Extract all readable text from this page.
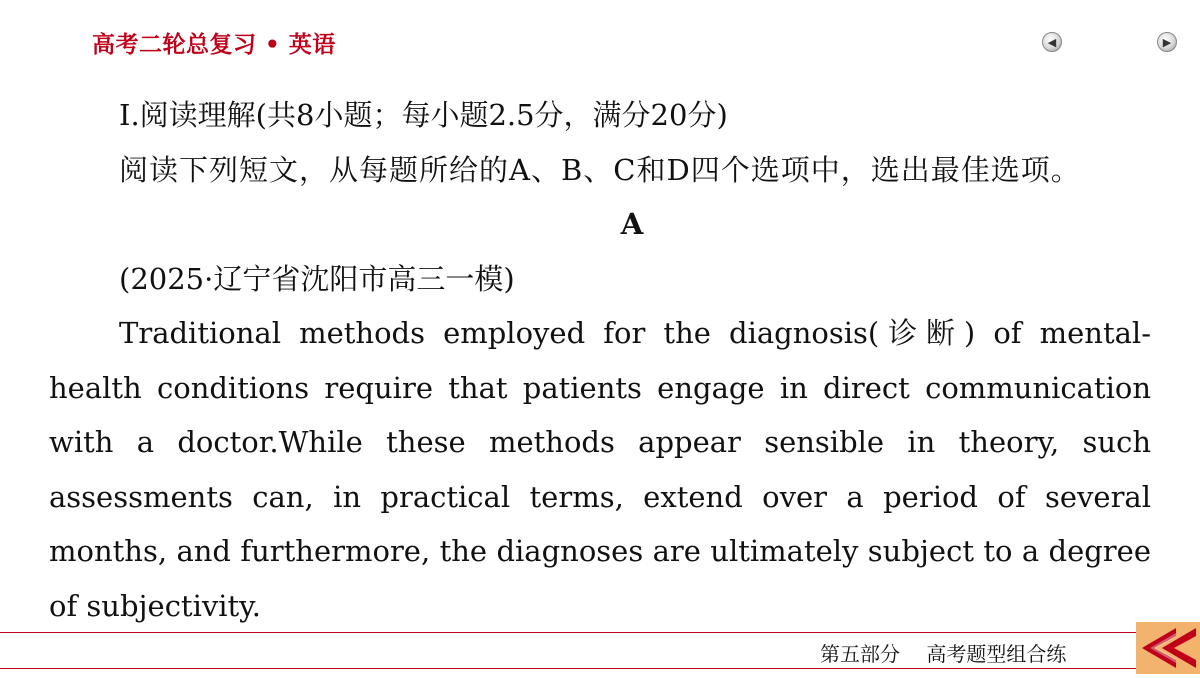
高考二轮总复习 • 英语	◀	▶

Ⅰ.阅读理解(共8小题；每小题2.5分，满分20分)

阅读下列短文，从每题所给的A、B、C和D四个选项中，选出最佳选项。

A

(2025·辽宁省沈阳市高三一模)

Traditional methods employed for the diagnosis(诊断) of mental-health conditions require that patients engage in direct communication with a doctor.While these methods appear sensible in theory, such assessments can, in practical terms, extend over a period of several months, and furthermore, the diagnoses are ultimately subject to a degree of subjectivity.

第五部分 高考题型组合练
